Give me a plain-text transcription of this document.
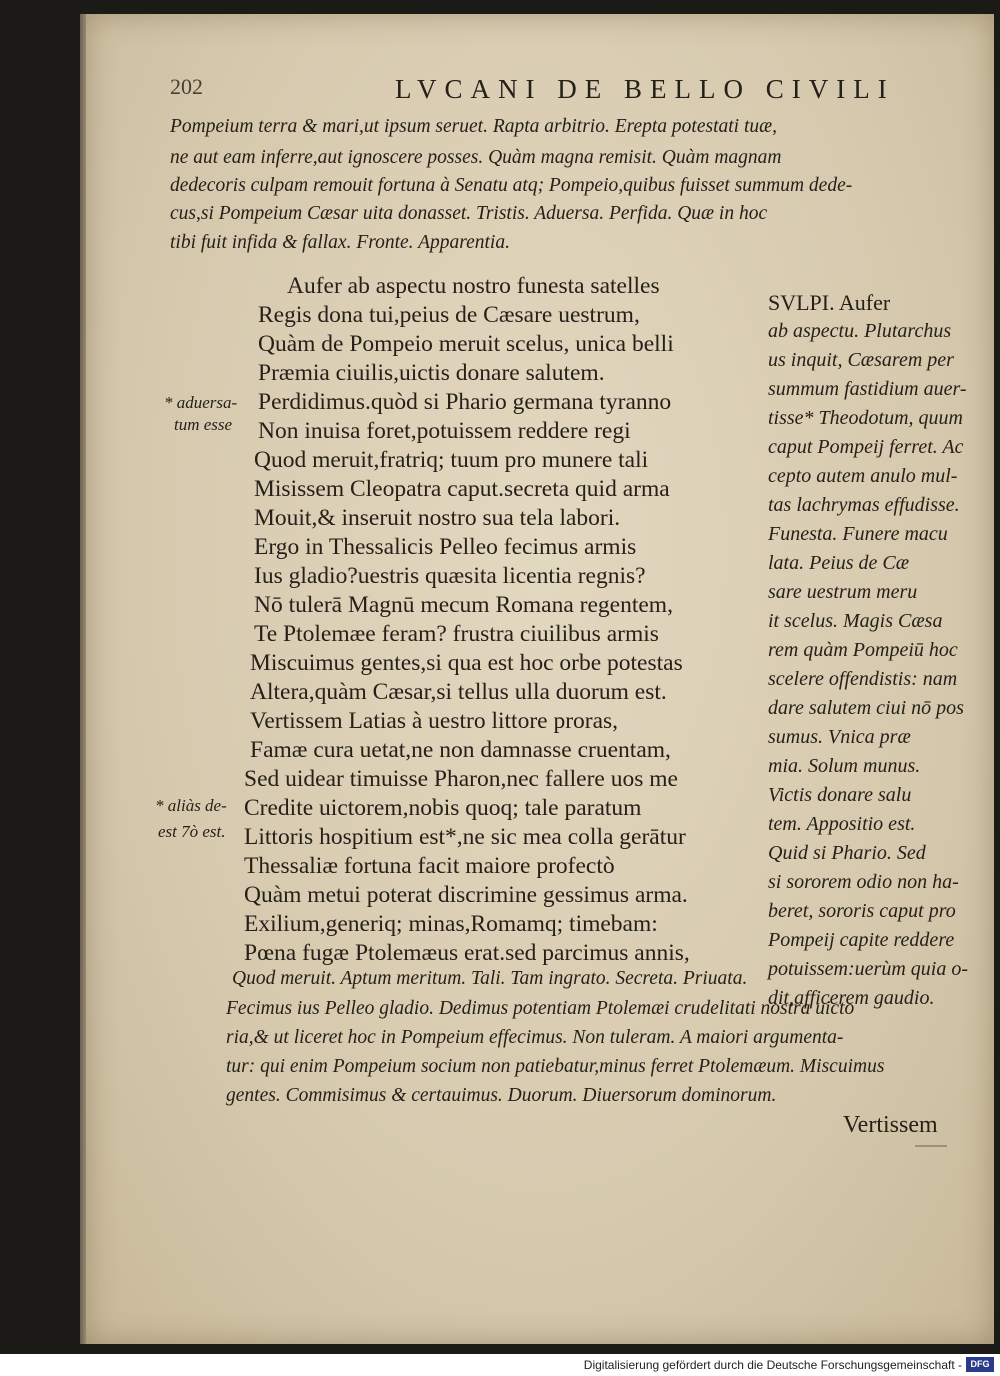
202	LVCANI DE BELLO CIVILI
Pompeium terra & mari,ut ipsum seruet. Rapta arbitrio. Erepta potestati tuæ,
ne aut eam inferre,aut ignoscere posses. Quàm magna remisit. Quàm magnam
dedecoris culpam remouit fortuna à Senatu atq; Pompeio,quibus fuisset summum dede-
cus,si Pompeium Cæsar uita donasset. Tristis. Aduersa. Perfida. Quæ in hoc
tibi fuit infida & fallax. Fronte. Apparentia.
Aufer ab aspectu nostro funesta satelles
Regis dona tui,peius de Cæsare uestrum,
Quàm de Pompeio meruit scelus, unica belli
Præmia ciuilis,uictis donare salutem.
Perdidimus.quòd si Phario germana tyranno
Non inuisa foret,potuissem reddere regi
Quod meruit,fratriq; tuum pro munere tali
Misissem Cleopatra caput.secreta quid arma
Mouit,& inseruit nostro sua tela labori.
Ergo in Thessalicis Pelleo fecimus armis
Ius gladio?uestris quæsita licentia regnis?
Nō tulerā Magnū mecum Romana regentem,
Te Ptolemæe feram? frustra ciuilibus armis
Miscuimus gentes,si qua est hoc orbe potestas
Altera,quàm Cæsar,si tellus ulla duorum est.
Vertissem Latias à uestro littore proras,
Famæ cura uetat,ne non damnasse cruentam,
Sed uidear timuisse Pharon,nec fallere uos me
Credite uictorem,nobis quoq; tale paratum
Littoris hospitium est*,ne sic mea colla gerātur
Thessaliæ fortuna facit maiore profectò
Quàm metui poterat discrimine gessimus arma.
Exilium,generiq; minas,Romamq; timebam:
Pœna fugæ Ptolemæus erat.sed parcimus annis,
* aduersa-
tum esse
* aliàs de-
est 7ò est.
SVLPI. Aufer
ab aspectu. Plutarchus
us inquit, Cæsarem per
summum fastidium auer-
tisse* Theodotum, quum
caput Pompeij ferret. Ac
cepto autem anulo mul-
tas lachrymas effudisse.
Funesta. Funere macu
lata. Peius de Cæ
sare uestrum meru
it scelus. Magis Cæsa
rem quàm Pompeiū hoc
scelere offendistis: nam
dare salutem ciui nō pos
sumus. Vnica præ
mia. Solum munus.
Victis donare salu
tem. Appositio est.
Quid si Phario. Sed
si sororem odio non ha-
beret, sororis caput pro
Pompeij capite reddere
potuissem:uerùm quia o-
dit,afficerem gaudio.
Quod meruit. Aptum meritum. Tali. Tam ingrato. Secreta. Priuata.
Fecimus ius Pelleo gladio. Dedimus potentiam Ptolemæi crudelitati nostra uicto
ria,& ut liceret hoc in Pompeium effecimus. Non tuleram. A maiori argumenta-
tur: qui enim Pompeium socium non patiebatur,minus ferret Ptolemæum. Miscuimus
gentes. Commisimus & certauimus. Duorum. Diuersorum dominorum.
Vertissem
Digitalisierung gefördert durch die Deutsche Forschungsgemeinschaft - DFG
